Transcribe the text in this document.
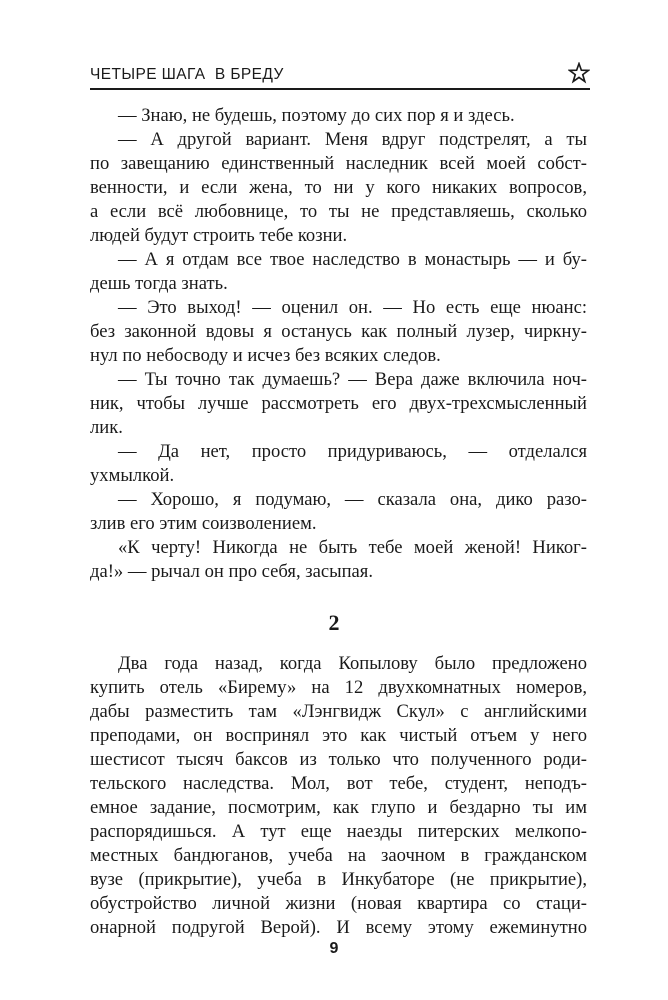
ЧЕТЫРЕ ШАГА  В БРЕДУ
— Знаю, не будешь, поэтому до сих пор я и здесь.
— А другой вариант. Меня вдруг подстрелят, а ты
по завещанию единственный наследник всей моей собст-
венности, и если жена, то ни у кого никаких вопросов,
а если всё любовнице, то ты не представляешь, сколько
людей будут строить тебе козни.
— А я отдам все твое наследство в монастырь — и бу-
дешь тогда знать.
— Это выход! — оценил он. — Но есть еще нюанс:
без законной вдовы я останусь как полный лузер, чиркну-
нул по небосводу и исчез без всяких следов.
— Ты точно так думаешь? — Вера даже включила ноч-
ник, чтобы лучше рассмотреть его двух-трехсмысленный
лик.
— Да нет, просто придуриваюсь, — отделался
ухмылкой.
— Хорошо, я подумаю, — сказала она, дико разо-
злив его этим соизволением.
«К черту! Никогда не быть тебе моей женой! Никог-
да!» — рычал он про себя, засыпая.
2
Два года назад, когда Копылову было предложено
купить отель «Бирему» на 12 двухкомнатных номеров,
дабы разместить там «Лэнгвидж Скул» с английскими
преподами, он воспринял это как чистый отъем у него
шестисот тысяч баксов из только что полученного роди-
тельского наследства. Мол, вот тебе, студент, неподъ-
емное задание, посмотрим, как глупо и бездарно ты им
распорядишься. А тут еще наезды питерских мелкопо-
местных бандюганов, учеба на заочном в гражданском
вузе (прикрытие), учеба в Инкубаторе (не прикрытие),
обустройство личной жизни (новая квартира со стаци-
онарной подругой Верой). И всему этому ежеминутно
9
